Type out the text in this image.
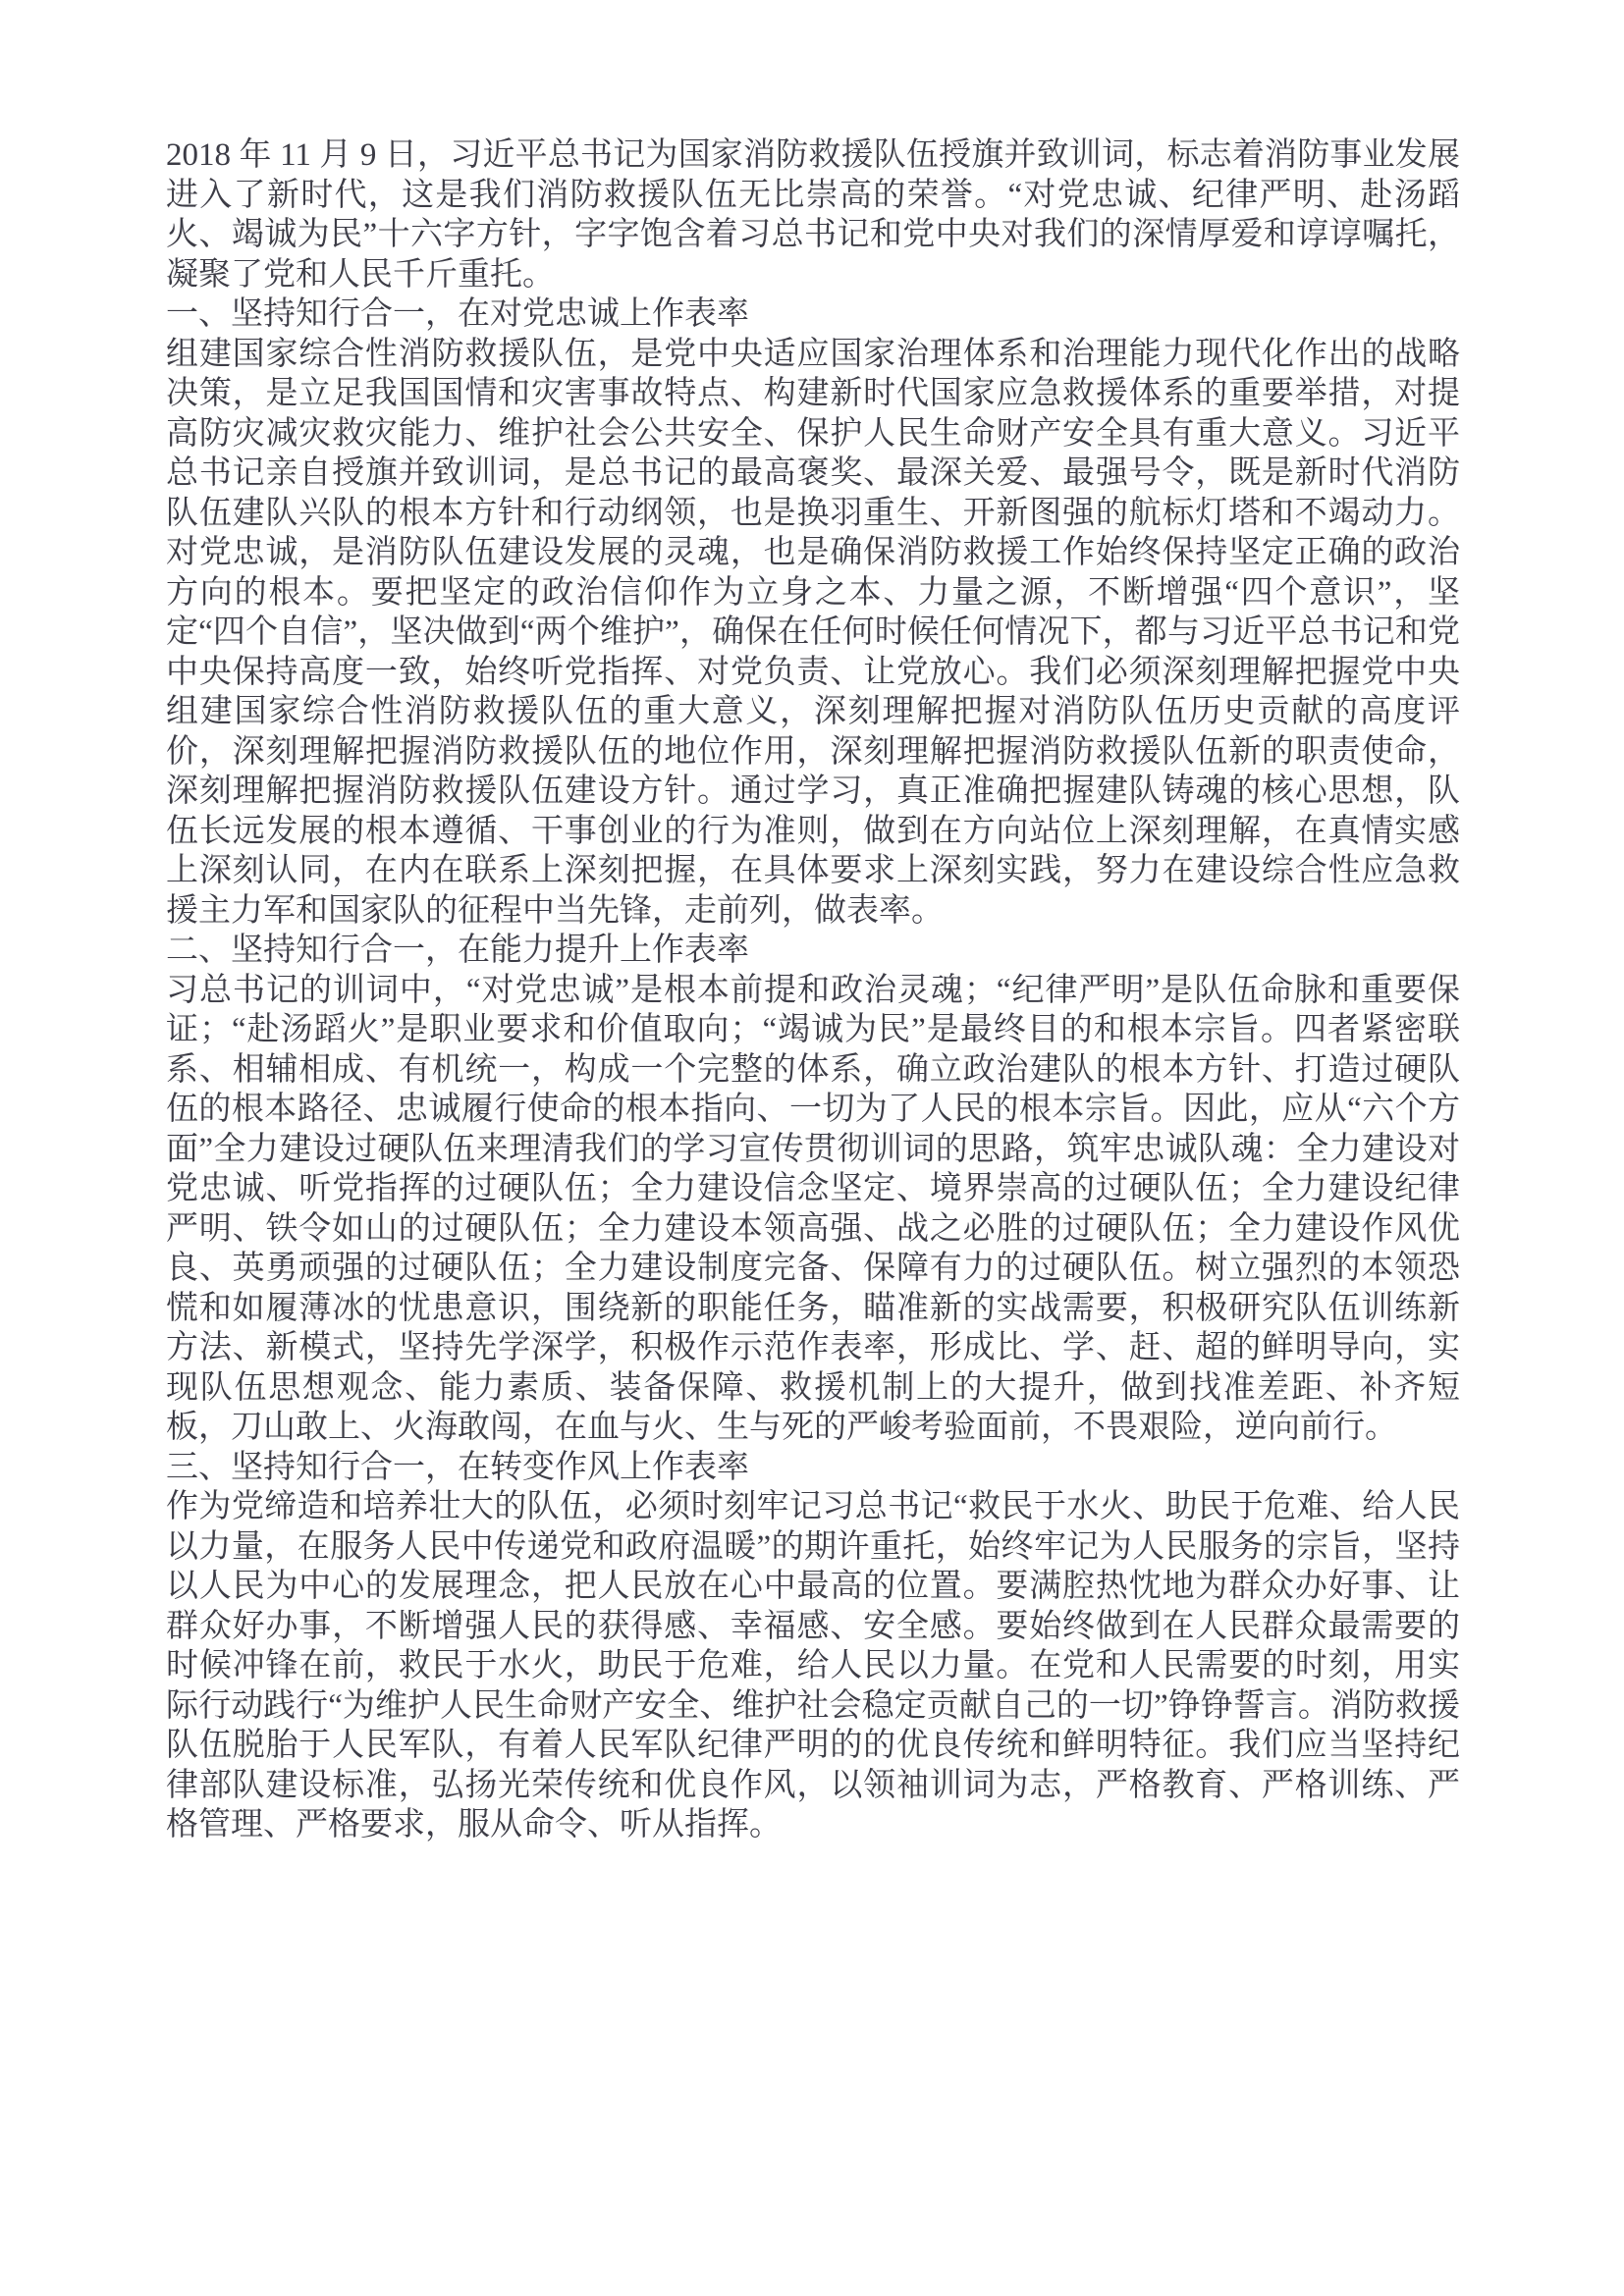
2018 年 11 月 9 日，习近平总书记为国家消防救援队伍授旗并致训词，标志着消防事业发展进入了新时代，这是我们消防救援队伍无比崇高的荣誉。“对党忠诚、纪律严明、赴汤蹈火、竭诚为民”十六字方针，字字饱含着习总书记和党中央对我们的深情厚爱和谆谆嘱托，凝聚了党和人民千斤重托。

一、坚持知行合一，在对党忠诚上作表率

组建国家综合性消防救援队伍，是党中央适应国家治理体系和治理能力现代化作出的战略决策，是立足我国国情和灾害事故特点、构建新时代国家应急救援体系的重要举措，对提高防灾减灾救灾能力、维护社会公共安全、保护人民生命财产安全具有重大意义。习近平总书记亲自授旗并致训词，是总书记的最高褒奖、最深关爱、最强号令，既是新时代消防队伍建队兴队的根本方针和行动纲领，也是换羽重生、开新图强的航标灯塔和不竭动力。对党忠诚，是消防队伍建设发展的灵魂，也是确保消防救援工作始终保持坚定正确的政治方向的根本。要把坚定的政治信仰作为立身之本、力量之源，不断增强“四个意识”，坚定“四个自信”，坚决做到“两个维护”，确保在任何时候任何情况下，都与习近平总书记和党中央保持高度一致，始终听党指挥、对党负责、让党放心。我们必须深刻理解把握党中央组建国家综合性消防救援队伍的重大意义，深刻理解把握对消防队伍历史贡献的高度评价，深刻理解把握消防救援队伍的地位作用，深刻理解把握消防救援队伍新的职责使命，深刻理解把握消防救援队伍建设方针。通过学习，真正准确把握建队铸魂的核心思想，队伍长远发展的根本遵循、干事创业的行为准则，做到在方向站位上深刻理解，在真情实感上深刻认同，在内在联系上深刻把握，在具体要求上深刻实践，努力在建设综合性应急救援主力军和国家队的征程中当先锋，走前列，做表率。

二、坚持知行合一，在能力提升上作表率

习总书记的训词中，“对党忠诚”是根本前提和政治灵魂；“纪律严明”是队伍命脉和重要保证；“赴汤蹈火”是职业要求和价值取向；“竭诚为民”是最终目的和根本宗旨。四者紧密联系、相辅相成、有机统一，构成一个完整的体系，确立政治建队的根本方针、打造过硬队伍的根本路径、忠诚履行使命的根本指向、一切为了人民的根本宗旨。因此，应从“六个方面”全力建设过硬队伍来理清我们的学习宣传贯彻训词的思路，筑牢忠诚队魂：全力建设对党忠诚、听党指挥的过硬队伍；全力建设信念坚定、境界崇高的过硬队伍；全力建设纪律严明、铁令如山的过硬队伍；全力建设本领高强、战之必胜的过硬队伍；全力建设作风优良、英勇顽强的过硬队伍；全力建设制度完备、保障有力的过硬队伍。树立强烈的本领恐慌和如履薄冰的忧患意识，围绕新的职能任务，瞄准新的实战需要，积极研究队伍训练新方法、新模式，坚持先学深学，积极作示范作表率，形成比、学、赶、超的鲜明导向，实现队伍思想观念、能力素质、装备保障、救援机制上的大提升，做到找准差距、补齐短板，刀山敢上、火海敢闯，在血与火、生与死的严峻考验面前，不畏艰险，逆向前行。

三、坚持知行合一，在转变作风上作表率

作为党缔造和培养壮大的队伍，必须时刻牢记习总书记“救民于水火、助民于危难、给人民以力量，在服务人民中传递党和政府温暖”的期许重托，始终牢记为人民服务的宗旨，坚持以人民为中心的发展理念，把人民放在心中最高的位置。要满腔热忱地为群众办好事、让群众好办事，不断增强人民的获得感、幸福感、安全感。要始终做到在人民群众最需要的时候冲锋在前，救民于水火，助民于危难，给人民以力量。在党和人民需要的时刻，用实际行动践行“为维护人民生命财产安全、维护社会稳定贡献自己的一切”铮铮誓言。消防救援队伍脱胎于人民军队，有着人民军队纪律严明的的优良传统和鲜明特征。我们应当坚持纪律部队建设标准，弘扬光荣传统和优良作风，以领袖训词为志，严格教育、严格训练、严格管理、严格要求，服从命令、听从指挥。
